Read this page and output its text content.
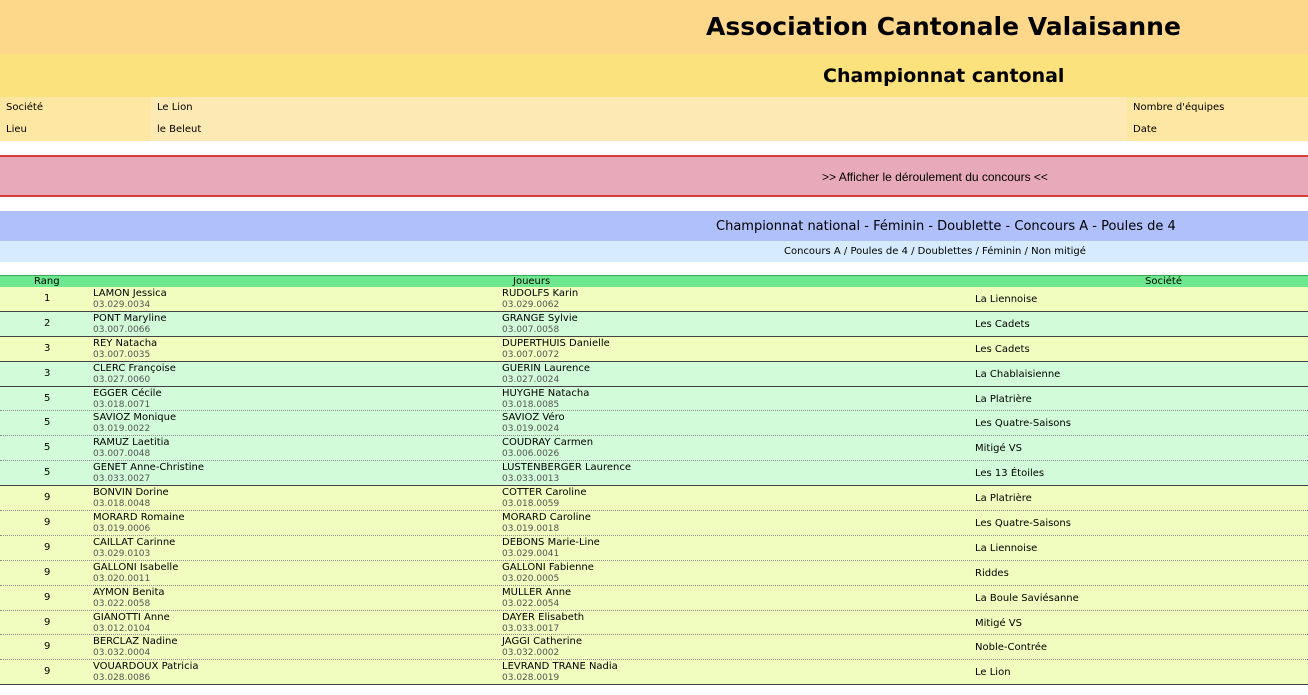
Association Cantonale Valaisanne
Championnat cantonal
Société	Le Lion	Nombre d'équipes
Lieu	le Beleut	Date
>> Afficher le déroulement du concours <<
Championnat national - Féminin - Doublette - Concours A - Poules de 4
Concours A / Poules de 4 / Doublettes / Féminin / Non mitigé
Rang	Joueurs	Société
1	LAMON Jessica
03.029.0034
RUDOLFS Karin
03.029.0062	La Liennoise
2	PONT Maryline
03.007.0066
GRANGE Sylvie
03.007.0058	Les Cadets
3	REY Natacha
03.007.0035
DUPERTHUIS Danielle
03.007.0072	Les Cadets
3	CLERC Françoise
03.027.0060
GUERIN Laurence
03.027.0024	La Chablaisienne
5	EGGER Cécile
03.018.0071
HUYGHE Natacha
03.018.0085	La Platrière
5	SAVIOZ Monique
03.019.0022
SAVIOZ Véro
03.019.0024	Les Quatre-Saisons
5	RAMUZ Laetitia
03.007.0048
COUDRAY Carmen
03.006.0026	Mitigé VS
5	GENET Anne-Christine
03.033.0027
LUSTENBERGER Laurence
03.033.0013	Les 13 Étoiles
9	BONVIN Dorine
03.018.0048
COTTER Caroline
03.018.0059	La Platrière
9	MORARD Romaine
03.019.0006
MORARD Caroline
03.019.0018	Les Quatre-Saisons
9	CAILLAT Carinne
03.029.0103
DEBONS Marie-Line
03.029.0041	La Liennoise
9	GALLONI Isabelle
03.020.0011
GALLONI Fabienne
03.020.0005	Riddes
9	AYMON Benita
03.022.0058
MULLER Anne
03.022.0054	La Boule Saviésanne
9	GIANOTTI Anne
03.012.0104
DAYER Elisabeth
03.033.0017	Mitigé VS
9	BERCLAZ Nadine
03.032.0004
JAGGI Catherine
03.032.0002	Noble-Contrée
9	VOUARDOUX Patricia
03.028.0086
LEVRAND TRANE Nadia
03.028.0019	Le Lion
